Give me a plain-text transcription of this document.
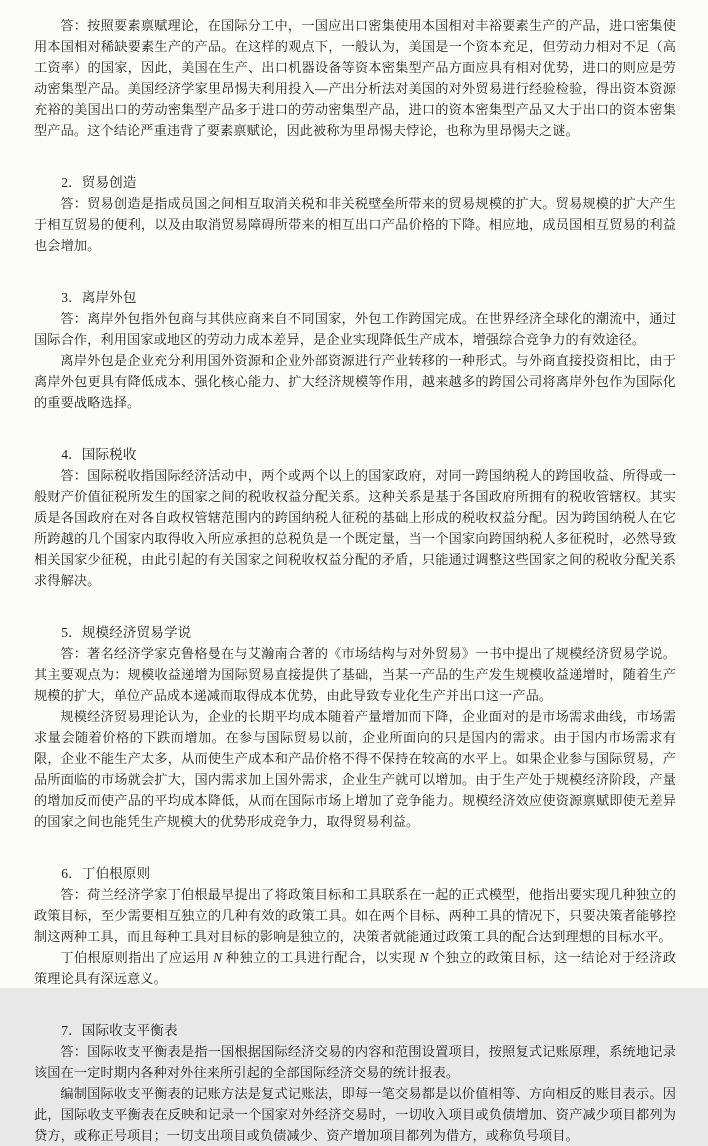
答：按照要素禀赋理论，在国际分工中，一国应出口密集使用本国相对丰裕要素生产的产品，进口密集使用本国相对稀缺要素生产的产品。在这样的观点下，一般认为，美国是一个资本充足，但劳动力相对不足（高工资率）的国家，因此，美国在生产、出口机器设备等资本密集型产品方面应具有相对优势，进口的则应是劳动密集型产品。美国经济学家里昂惕夫利用投入—产出分析法对美国的对外贸易进行经验检验，得出资本资源充裕的美国出口的劳动密集型产品多于进口的劳动密集型产品，进口的资本密集型产品又大于出口的资本密集型产品。这个结论严重违背了要素禀赋论，因此被称为里昂惕夫悖论，也称为里昂惕夫之谜。

2．贸易创造

答：贸易创造是指成员国之间相互取消关税和非关税壁垒所带来的贸易规模的扩大。贸易规模的扩大产生于相互贸易的便利，以及由取消贸易障碍所带来的相互出口产品价格的下降。相应地，成员国相互贸易的利益也会增加。

3．离岸外包

答：离岸外包指外包商与其供应商来自不同国家，外包工作跨国完成。在世界经济全球化的潮流中，通过国际合作，利用国家或地区的劳动力成本差异，是企业实现降低生产成本，增强综合竞争力的有效途径。

离岸外包是企业充分利用国外资源和企业外部资源进行产业转移的一种形式。与外商直接投资相比，由于离岸外包更具有降低成本、强化核心能力、扩大经济规模等作用，越来越多的跨国公司将离岸外包作为国际化的重要战略选择。

4．国际税收

答：国际税收指国际经济活动中，两个或两个以上的国家政府，对同一跨国纳税人的跨国收益、所得或一般财产价值征税所发生的国家之间的税收权益分配关系。这种关系是基于各国政府所拥有的税收管辖权。其实质是各国政府在对各自政权管辖范围内的跨国纳税人征税的基础上形成的税收权益分配。因为跨国纳税人在它所跨越的几个国家内取得收入所应承担的总税负是一个既定量，当一个国家向跨国纳税人多征税时，必然导致相关国家少征税，由此引起的有关国家之间税收权益分配的矛盾，只能通过调整这些国家之间的税收分配关系求得解决。

5．规模经济贸易学说

答：著名经济学家克鲁格曼在与艾瀚南合著的《市场结构与对外贸易》一书中提出了规模经济贸易学说。其主要观点为：规模收益递增为国际贸易直接提供了基础，当某一产品的生产发生规模收益递增时，随着生产规模的扩大，单位产品成本递减而取得成本优势，由此导致专业化生产并出口这一产品。

规模经济贸易理论认为，企业的长期平均成本随着产量增加而下降，企业面对的是市场需求曲线，市场需求量会随着价格的下跌而增加。在参与国际贸易以前，企业所面向的只是国内的需求。由于国内市场需求有限，企业不能生产太多，从而使生产成本和产品价格不得不保持在较高的水平上。如果企业参与国际贸易，产品所面临的市场就会扩大，国内需求加上国外需求，企业生产就可以增加。由于生产处于规模经济阶段，产量的增加反而使产品的平均成本降低，从而在国际市场上增加了竞争能力。规模经济效应使资源禀赋即使无差异的国家之间也能凭生产规模大的优势形成竞争力，取得贸易利益。

6．丁伯根原则

答：荷兰经济学家丁伯根最早提出了将政策目标和工具联系在一起的正式模型，他指出要实现几种独立的政策目标，至少需要相互独立的几种有效的政策工具。如在两个目标、两种工具的情况下，只要决策者能够控制这两种工具，而且每种工具对目标的影响是独立的，决策者就能通过政策工具的配合达到理想的目标水平。

丁伯根原则指出了应运用 N 种独立的工具进行配合，以实现 N 个独立的政策目标，这一结论对于经济政策理论具有深远意义。

7．国际收支平衡表

答：国际收支平衡表是指一国根据国际经济交易的内容和范围设置项目，按照复式记账原理，系统地记录该国在一定时期内各种对外往来所引起的全部国际经济交易的统计报表。

编制国际收支平衡表的记账方法是复式记账法，即每一笔交易都是以价值相等、方向相反的账目表示。因此，国际收支平衡表在反映和记录一个国家对外经济交易时，一切收入项目或负债增加、资产减少项目都列为贷方，或称正号项目；一切支出项目或负债减少、资产增加项目都列为借方，或称负号项目。
